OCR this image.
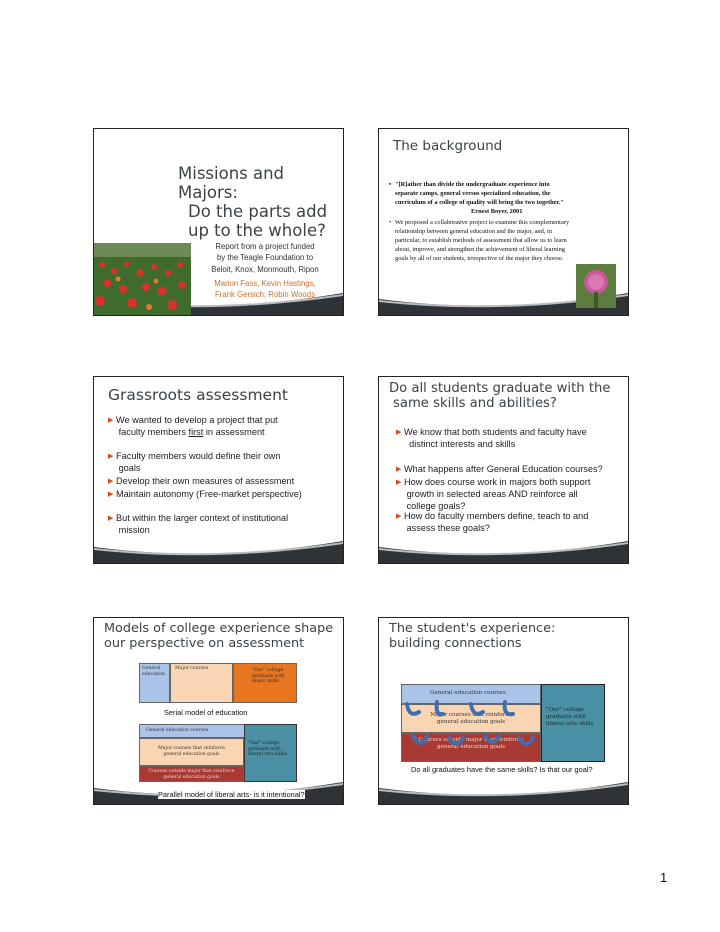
Missions and Majors:
Do the parts add
up to the whole?
Report from a project funded
by the Teagle Foundation to
Beloit, Knox, Monmouth, Ripon
Marion Fass, Kevin Hastings,
Frank Gersich, Robin Woods
The background
• "[R]ather than divide the undergraduate experience into
separate camps, general versus specialized education, the
curriculum of a college of quality will bring the two together."
Ernest Boyer, 2001
• We proposed a collaborative project to examine this complementary
relationship between general education and the major, and, in
particular, to establish methods of assessment that allow us to learn
about, improve, and strengthen the achievement of liberal learning
goals by all of our students, irrespective of the major they choose.
Grassroots assessment
▶ We wanted to develop a project that put
faculty members first in assessment
▶ Faculty members would define their own
goals
▶ Develop their own measures of assessment
▶ Maintain autonomy (Free-market perspective)
▶ But within the larger context of institutional
mission
Do all students graduate with the
same skills and abilities?
▶ We know that both students and faculty have
distinct interests and skills
▶ What happens after General Education courses?
▶ How does course work in majors both support
growth in selected areas AND reinforce all
college goals?
▶ How do faculty members define, teach to and
assess these goals?
Models of college experience shape
our perspective on assessment
General
education
Major courses	"Our" college
graduate with
major skills
Serial model of education
General education courses
Major courses that reinforce
general education goals
Courses outside major that reinforce
general education goals
"Our" college
graduate with
liberal arts skills
Parallel model of liberal arts- is it intentional?
The student's experience:
building connections
General education courses
Major courses that reinforce
general education goals
Courses outside major that reinforce
general education goals
"Our" college
graduate with
liberal arts skills
Do all graduates have the same skills? Is that our goal?
1
